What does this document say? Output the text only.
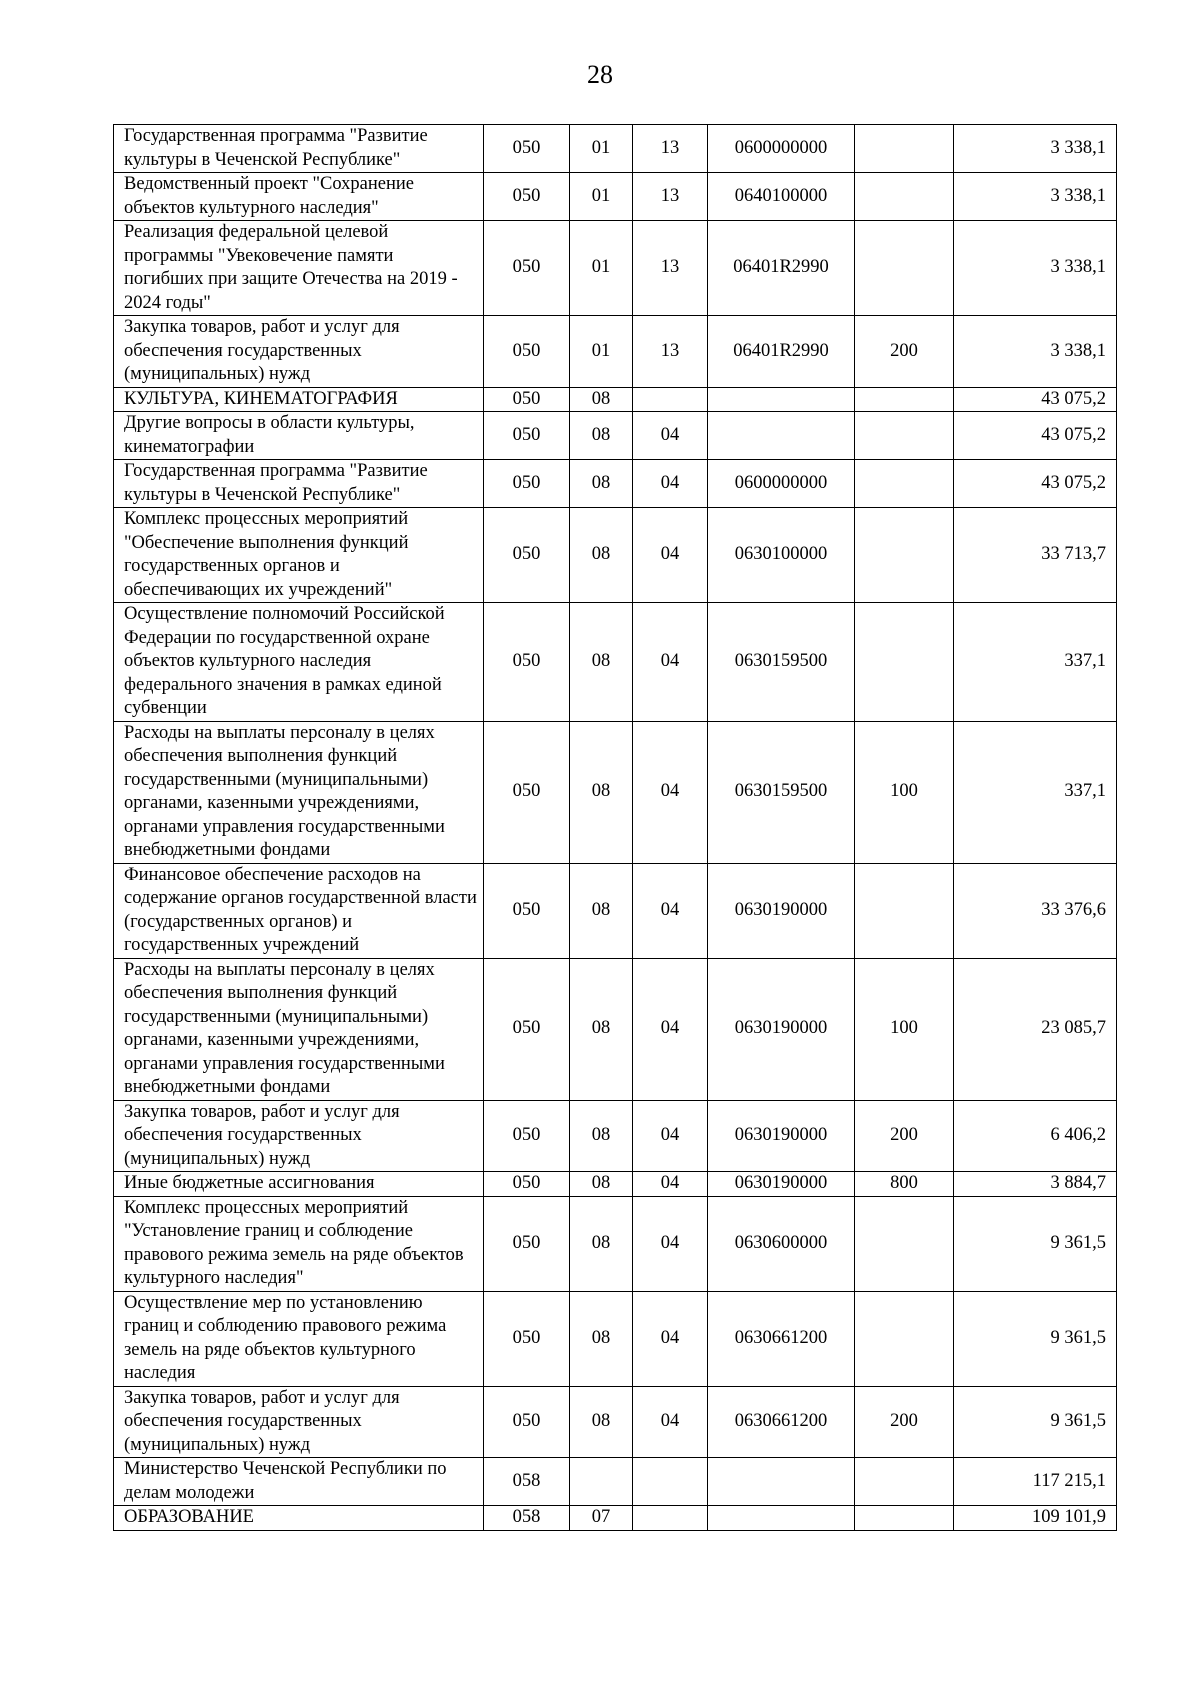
28
Государственная программа "Развитие культуры в Чеченской Республике"	050	01	13	0600000000		3 338,1
Ведомственный проект "Сохранение объектов культурного наследия"	050	01	13	0640100000		3 338,1
Реализация федеральной целевой программы "Увековечение памяти погибших при защите Отечества на 2019 - 2024 годы"	050	01	13	06401R2990		3 338,1
Закупка товаров, работ и услуг для обеспечения государственных (муниципальных) нужд	050	01	13	06401R2990	200	3 338,1
КУЛЬТУРА, КИНЕМАТОГРАФИЯ	050	08				43 075,2
Другие вопросы в области культуры, кинематографии	050	08	04			43 075,2
Государственная программа "Развитие культуры в Чеченской Республике"	050	08	04	0600000000		43 075,2
Комплекс процессных мероприятий "Обеспечение выполнения функций государственных органов и обеспечивающих их учреждений"	050	08	04	0630100000		33 713,7
Осуществление полномочий Российской Федерации по государственной охране объектов культурного наследия федерального значения в рамках единой субвенции	050	08	04	0630159500		337,1
Расходы на выплаты персоналу в целях обеспечения выполнения функций государственными (муниципальными) органами, казенными учреждениями, органами управления государственными внебюджетными фондами	050	08	04	0630159500	100	337,1
Финансовое обеспечение расходов на содержание органов государственной власти (государственных органов) и государственных учреждений	050	08	04	0630190000		33 376,6
Расходы на выплаты персоналу в целях обеспечения выполнения функций государственными (муниципальными) органами, казенными учреждениями, органами управления государственными внебюджетными фондами	050	08	04	0630190000	100	23 085,7
Закупка товаров, работ и услуг для обеспечения государственных (муниципальных) нужд	050	08	04	0630190000	200	6 406,2
Иные бюджетные ассигнования	050	08	04	0630190000	800	3 884,7
Комплекс процессных мероприятий "Установление границ и соблюдение правового режима земель на ряде объектов культурного наследия"	050	08	04	0630600000		9 361,5
Осуществление мер по установлению границ и соблюдению правового режима земель на ряде объектов культурного наследия	050	08	04	0630661200		9 361,5
Закупка товаров, работ и услуг для обеспечения государственных (муниципальных) нужд	050	08	04	0630661200	200	9 361,5
Министерство Чеченской Республики по делам молодежи	058					117 215,1
ОБРАЗОВАНИЕ	058	07				109 101,9
